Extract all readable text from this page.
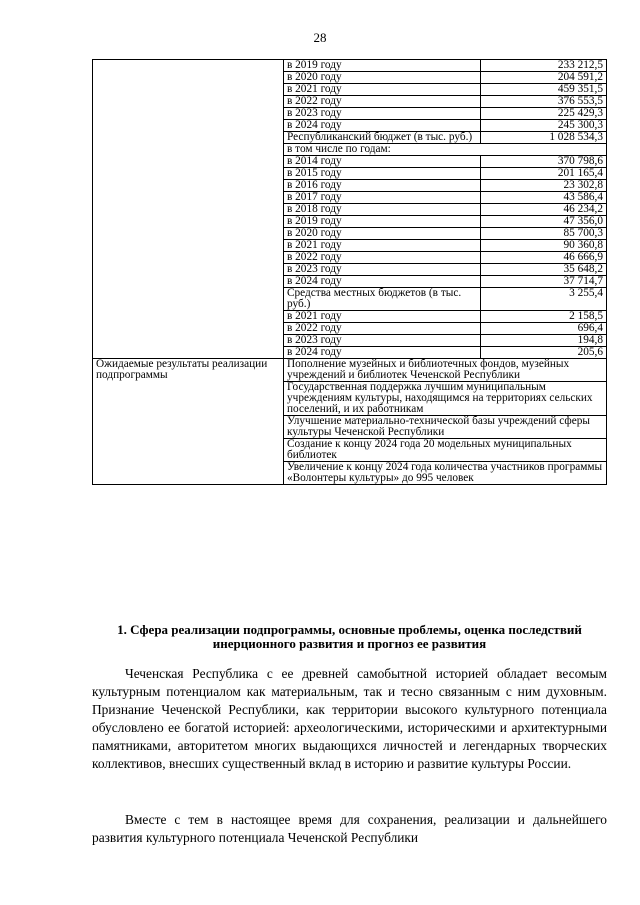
28
	в 2019 году	233 212,5
	в 2020 году	204 591,2
	в 2021 году	459 351,5
	в 2022 году	376 553,5
	в 2023 году	225 429,3
	в 2024 году	245 300,3
	Республиканский бюджет (в тыс. руб.)	1 028 534,3
	в том числе по годам:	
	в 2014 году	370 798,6
	в 2015 году	201 165,4
	в 2016 году	23 302,8
	в 2017 году	43 586,4
	в 2018 году	46 234,2
	в 2019 году	47 356,0
	в 2020 году	85 700,3
	в 2021 году	90 360,8
	в 2022 году	46 666,9
	в 2023 году	35 648,2
	в 2024 году	37 714,7
	Средства местных бюджетов (в тыс. руб.)	3 255,4
	в 2021 году	2 158,5
	в 2022 году	696,4
	в 2023 году	194,8
	в 2024 году	205,6
Ожидаемые результаты реализации подпрограммы	Пополнение музейных и библиотечных фондов, музейных учреждений и библиотек Чеченской Республики	
	Государственная поддержка лучшим муниципальным учреждениям культуры, находящимся на территориях сельских поселений, и их работникам	
	Улучшение материально-технической базы учреждений сферы культуры Чеченской Республики	
	Создание к концу 2024 года 20 модельных муниципальных библиотек	
	Увеличение к концу 2024 года количества участников программы «Волонтеры культуры» до 995 человек	
1. Сфера реализации подпрограммы, основные проблемы, оценка последствий инерционного развития и прогноз ее развития

Чеченская Республика с ее древней самобытной историей обладает весомым культурным потенциалом как материальным, так и тесно связанным с ним духовным. Признание Чеченской Республики, как территории высокого культурного потенциала обусловлено ее богатой историей: археологическими, историческими и архитектурными памятниками, авторитетом многих выдающихся личностей и легендарных творческих коллективов, внесших существенный вклад в историю и развитие культуры России.

Вместе с тем в настоящее время для сохранения, реализации и дальнейшего развития культурного потенциала Чеченской Республики
